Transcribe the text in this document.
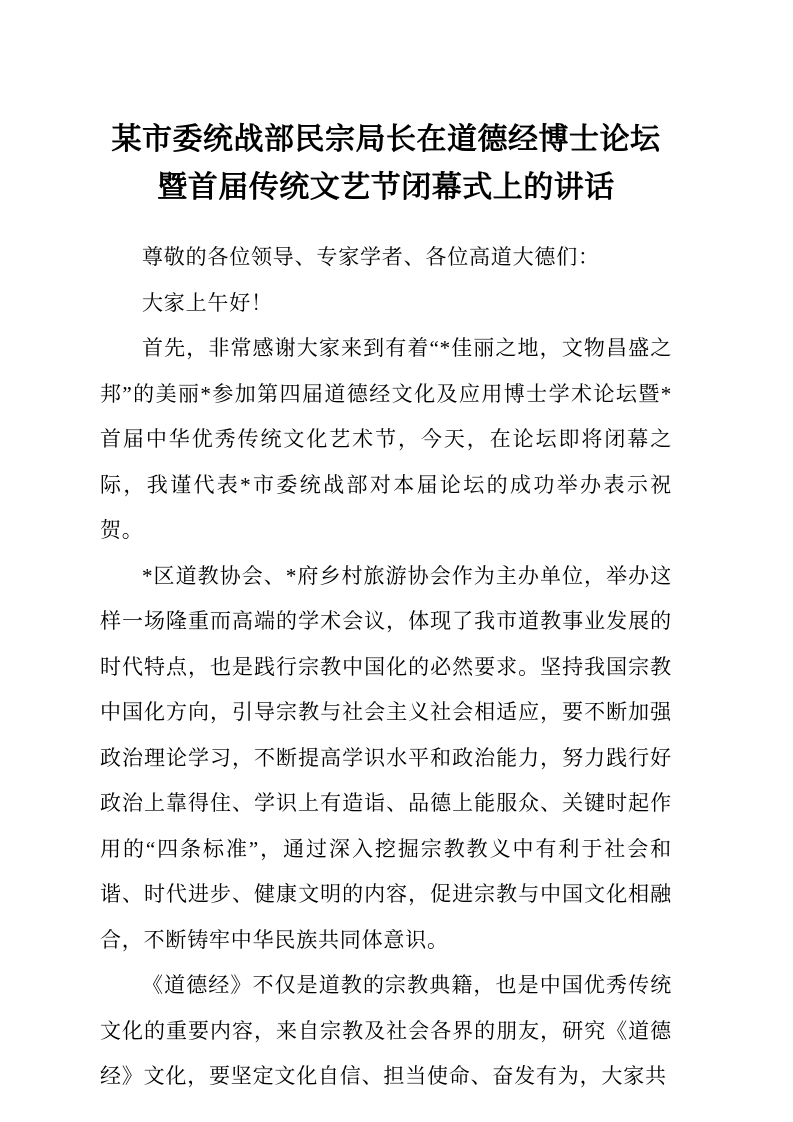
某市委统战部民宗局长在道德经博士论坛
暨首届传统文艺节闭幕式上的讲话

尊敬的各位领导、专家学者、各位高道大德们：

大家上午好！

首先，非常感谢大家来到有着“*佳丽之地，文物昌盛之邦”的美丽*参加第四届道德经文化及应用博士学术论坛暨*首届中华优秀传统文化艺术节，今天，在论坛即将闭幕之际，我谨代表*市委统战部对本届论坛的成功举办表示祝贺。

*区道教协会、*府乡村旅游协会作为主办单位，举办这样一场隆重而高端的学术会议，体现了我市道教事业发展的时代特点，也是践行宗教中国化的必然要求。坚持我国宗教中国化方向，引导宗教与社会主义社会相适应，要不断加强政治理论学习，不断提高学识水平和政治能力，努力践行好政治上靠得住、学识上有造诣、品德上能服众、关键时起作用的“四条标准”，通过深入挖掘宗教教义中有利于社会和谐、时代进步、健康文明的内容，促进宗教与中国文化相融合，不断铸牢中华民族共同体意识。

《道德经》不仅是道教的宗教典籍，也是中国优秀传统文化的重要内容，来自宗教及社会各界的朋友，研究《道德经》文化，要坚定文化自信、担当使命、奋发有为，大家共
